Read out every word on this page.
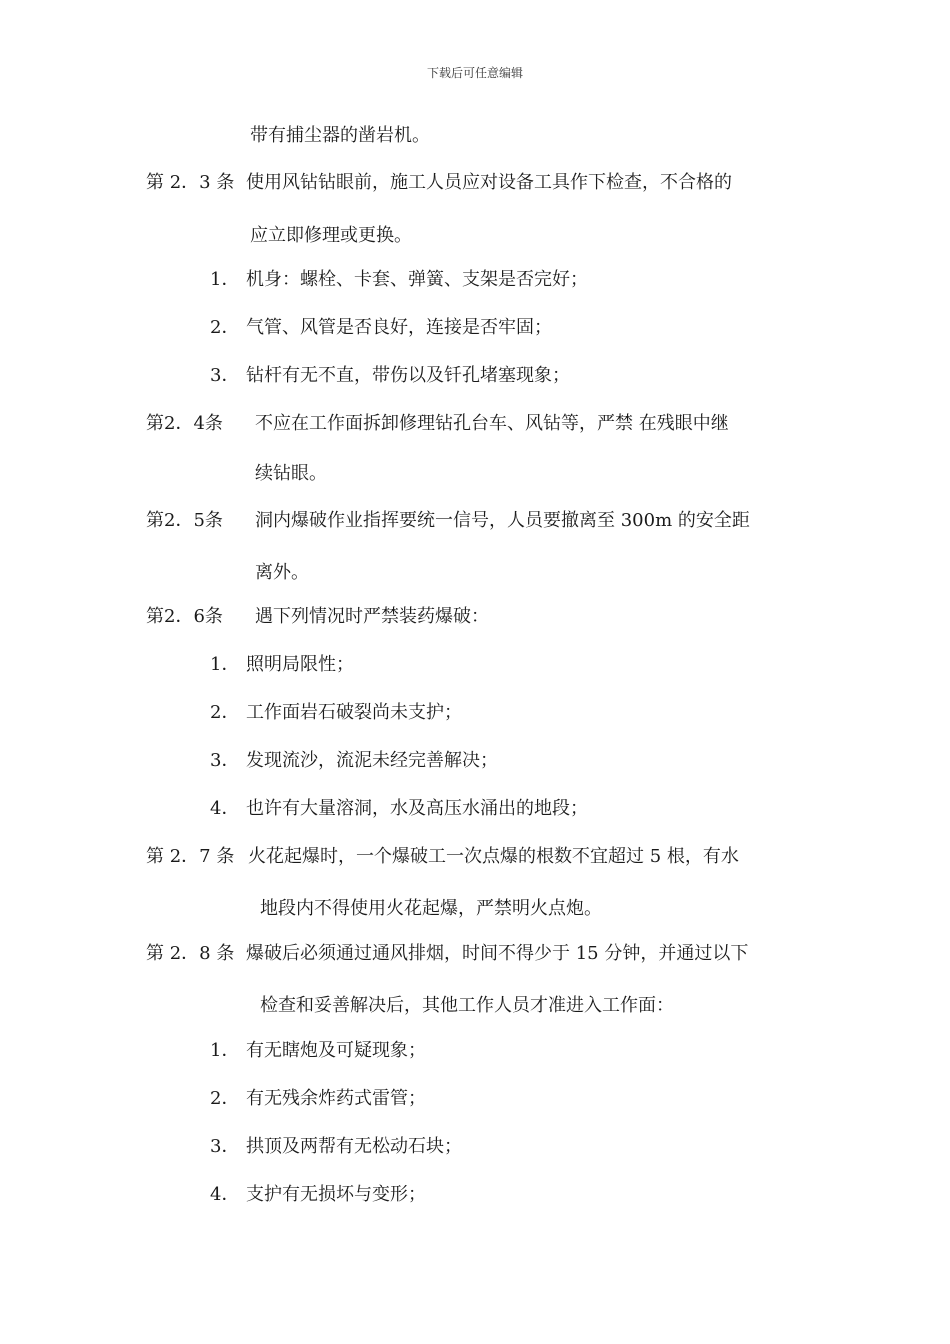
下载后可任意编辑
带有捕尘器的凿岩机。
第 2．3 条 使用风钻钻眼前，施工人员应对设备工具作下检查，不合格的
应立即修理或更换。
1． 机身：螺栓、卡套、弹簧、支架是否完好；
2． 气管、风管是否良好，连接是否牢固；
3． 钻杆有无不直，带伤以及钎孔堵塞现象；
第2．4条 不应在工作面拆卸修理钻孔台车、风钻等，严禁 在残眼中继
续钻眼。
第2．5条 洞内爆破作业指挥要统一信号，人员要撤离至 300m 的安全距
离外。
第2．6条 遇下列情况时严禁装药爆破：
1． 照明局限性；
2． 工作面岩石破裂尚未支护；
3． 发现流沙，流泥未经完善解决；
4． 也许有大量溶洞，水及高压水涌出的地段；
第 2．7 条 火花起爆时，一个爆破工一次点爆的根数不宜超过 5 根，有水
地段内不得使用火花起爆，严禁明火点炮。
第 2．8 条 爆破后必须通过通风排烟，时间不得少于 15 分钟，并通过以下
检查和妥善解决后，其他工作人员才准进入工作面：
1． 有无瞎炮及可疑现象；
2． 有无残余炸药式雷管；
3． 拱顶及两帮有无松动石块；
4． 支护有无损坏与变形；
